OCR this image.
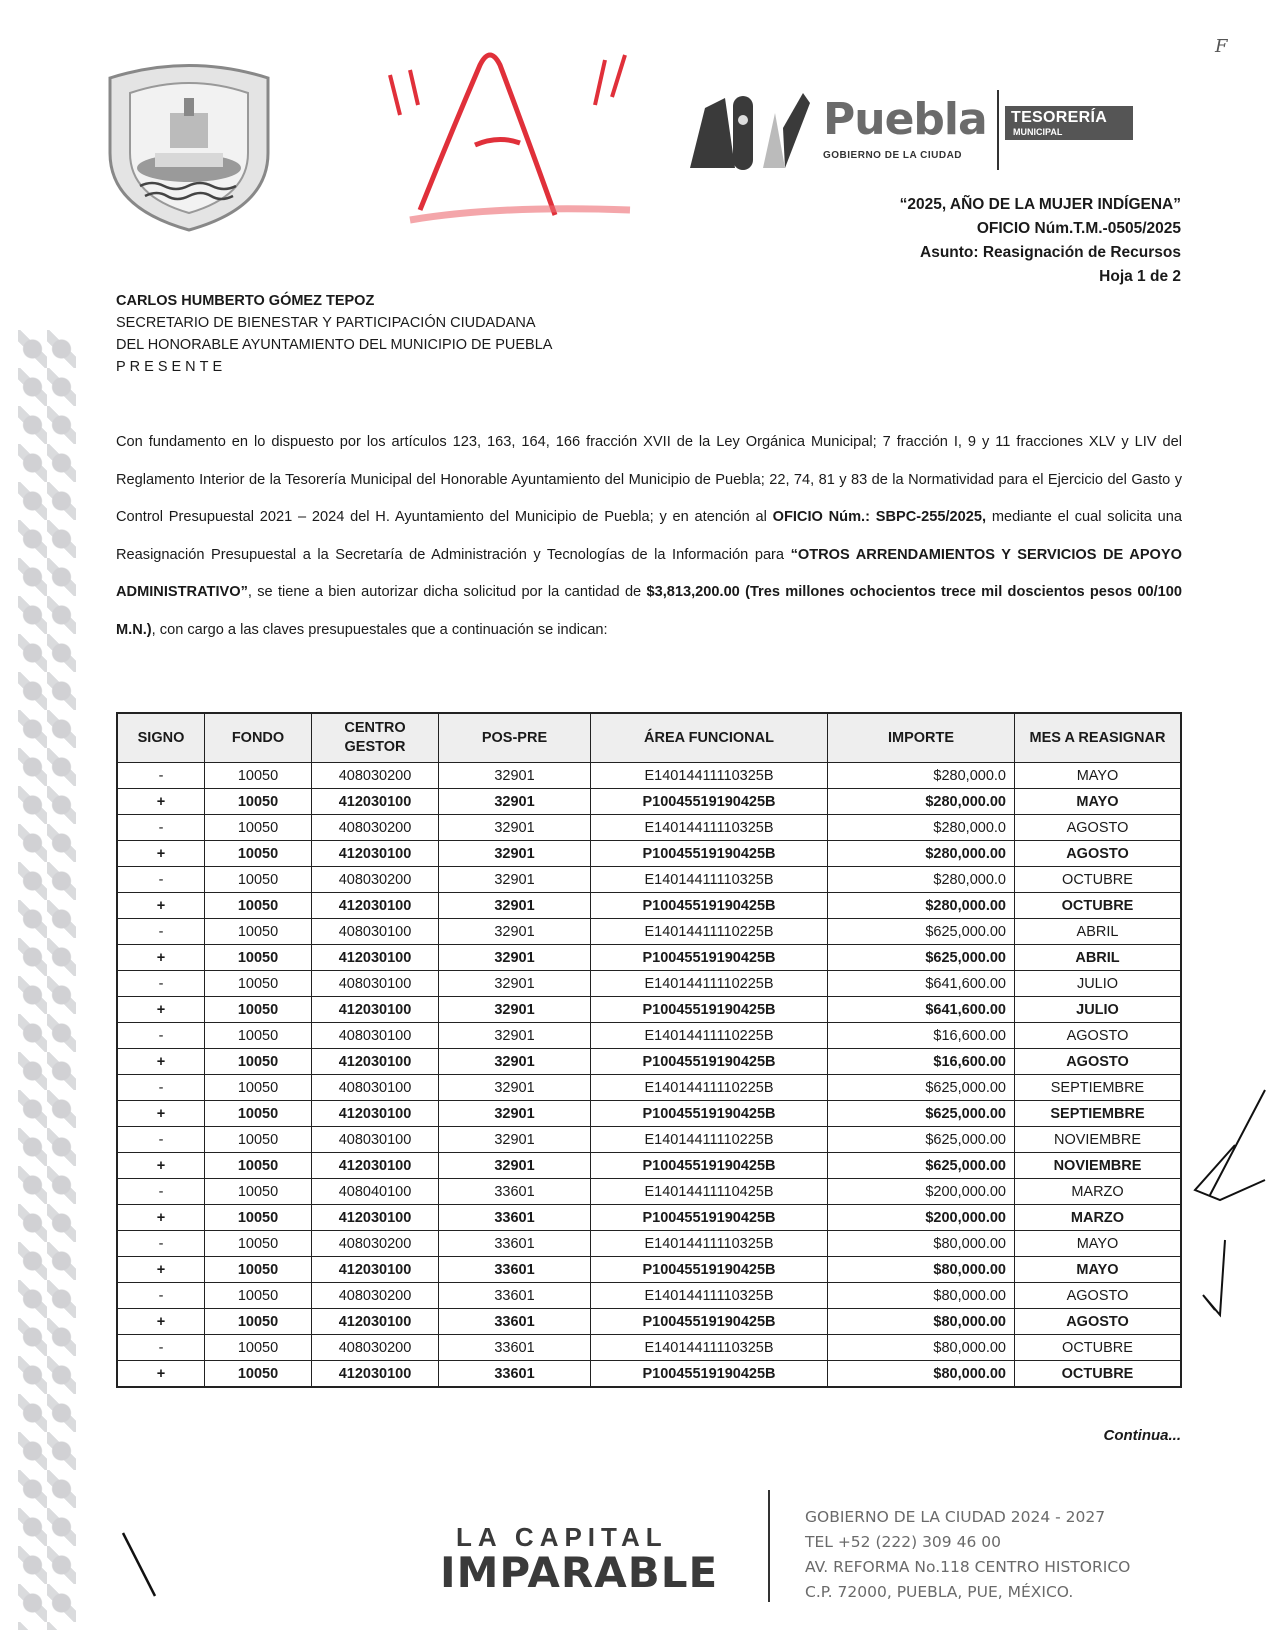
F
Puebla
GOBIERNO DE LA CIUDAD
TESORERÍA
MUNICIPAL
“2025, AÑO DE LA MUJER INDÍGENA”
OFICIO Núm.T.M.-0505/2025
Asunto: Reasignación de Recursos
Hoja 1 de 2
CARLOS HUMBERTO GÓMEZ TEPOZ
SECRETARIO DE BIENESTAR Y PARTICIPACIÓN CIUDADANA
DEL HONORABLE AYUNTAMIENTO DEL MUNICIPIO DE PUEBLA
PRESENTE
Con fundamento en lo dispuesto por los artículos 123, 163, 164, 166 fracción XVII de la Ley Orgánica Municipal; 7 fracción I, 9 y 11 fracciones XLV y LIV del Reglamento Interior de la Tesorería Municipal del Honorable Ayuntamiento del Municipio de Puebla; 22, 74, 81 y 83 de la Normatividad para el Ejercicio del Gasto y Control Presupuestal 2021 – 2024 del H. Ayuntamiento del Municipio de Puebla; y en atención al OFICIO Núm.: SBPC-255/2025, mediante el cual solicita una Reasignación Presupuestal a la Secretaría de Administración y Tecnologías de la Información para “OTROS ARRENDAMIENTOS Y SERVICIOS DE APOYO ADMINISTRATIVO”, se tiene a bien autorizar dicha solicitud por la cantidad de $3,813,200.00 (Tres millones ochocientos trece mil doscientos pesos 00/100 M.N.), con cargo a las claves presupuestales que a continuación se indican:
SIGNO	FONDO	CENTRO GESTOR	POS-PRE	ÁREA FUNCIONAL	IMPORTE	MES A REASIGNAR
-	10050	408030200	32901	E14014411110325B	$280,000.0	MAYO
+	10050	412030100	32901	P10045519190425B	$280,000.00	MAYO
-	10050	408030200	32901	E14014411110325B	$280,000.0	AGOSTO
+	10050	412030100	32901	P10045519190425B	$280,000.00	AGOSTO
-	10050	408030200	32901	E14014411110325B	$280,000.0	OCTUBRE
+	10050	412030100	32901	P10045519190425B	$280,000.00	OCTUBRE
-	10050	408030100	32901	E14014411110225B	$625,000.00	ABRIL
+	10050	412030100	32901	P10045519190425B	$625,000.00	ABRIL
-	10050	408030100	32901	E14014411110225B	$641,600.00	JULIO
+	10050	412030100	32901	P10045519190425B	$641,600.00	JULIO
-	10050	408030100	32901	E14014411110225B	$16,600.00	AGOSTO
+	10050	412030100	32901	P10045519190425B	$16,600.00	AGOSTO
-	10050	408030100	32901	E14014411110225B	$625,000.00	SEPTIEMBRE
+	10050	412030100	32901	P10045519190425B	$625,000.00	SEPTIEMBRE
-	10050	408030100	32901	E14014411110225B	$625,000.00	NOVIEMBRE
+	10050	412030100	32901	P10045519190425B	$625,000.00	NOVIEMBRE
-	10050	408040100	33601	E14014411110425B	$200,000.00	MARZO
+	10050	412030100	33601	P10045519190425B	$200,000.00	MARZO
-	10050	408030200	33601	E14014411110325B	$80,000.00	MAYO
+	10050	412030100	33601	P10045519190425B	$80,000.00	MAYO
-	10050	408030200	33601	E14014411110325B	$80,000.00	AGOSTO
+	10050	412030100	33601	P10045519190425B	$80,000.00	AGOSTO
-	10050	408030200	33601	E14014411110325B	$80,000.00	OCTUBRE
+	10050	412030100	33601	P10045519190425B	$80,000.00	OCTUBRE
Continua...
LA CAPITAL
IMPARABLE
GOBIERNO DE LA CIUDAD 2024 - 2027
TEL +52 (222) 309 46 00
AV. REFORMA No.118 CENTRO HISTORICO
C.P. 72000, PUEBLA, PUE, MÉXICO.
